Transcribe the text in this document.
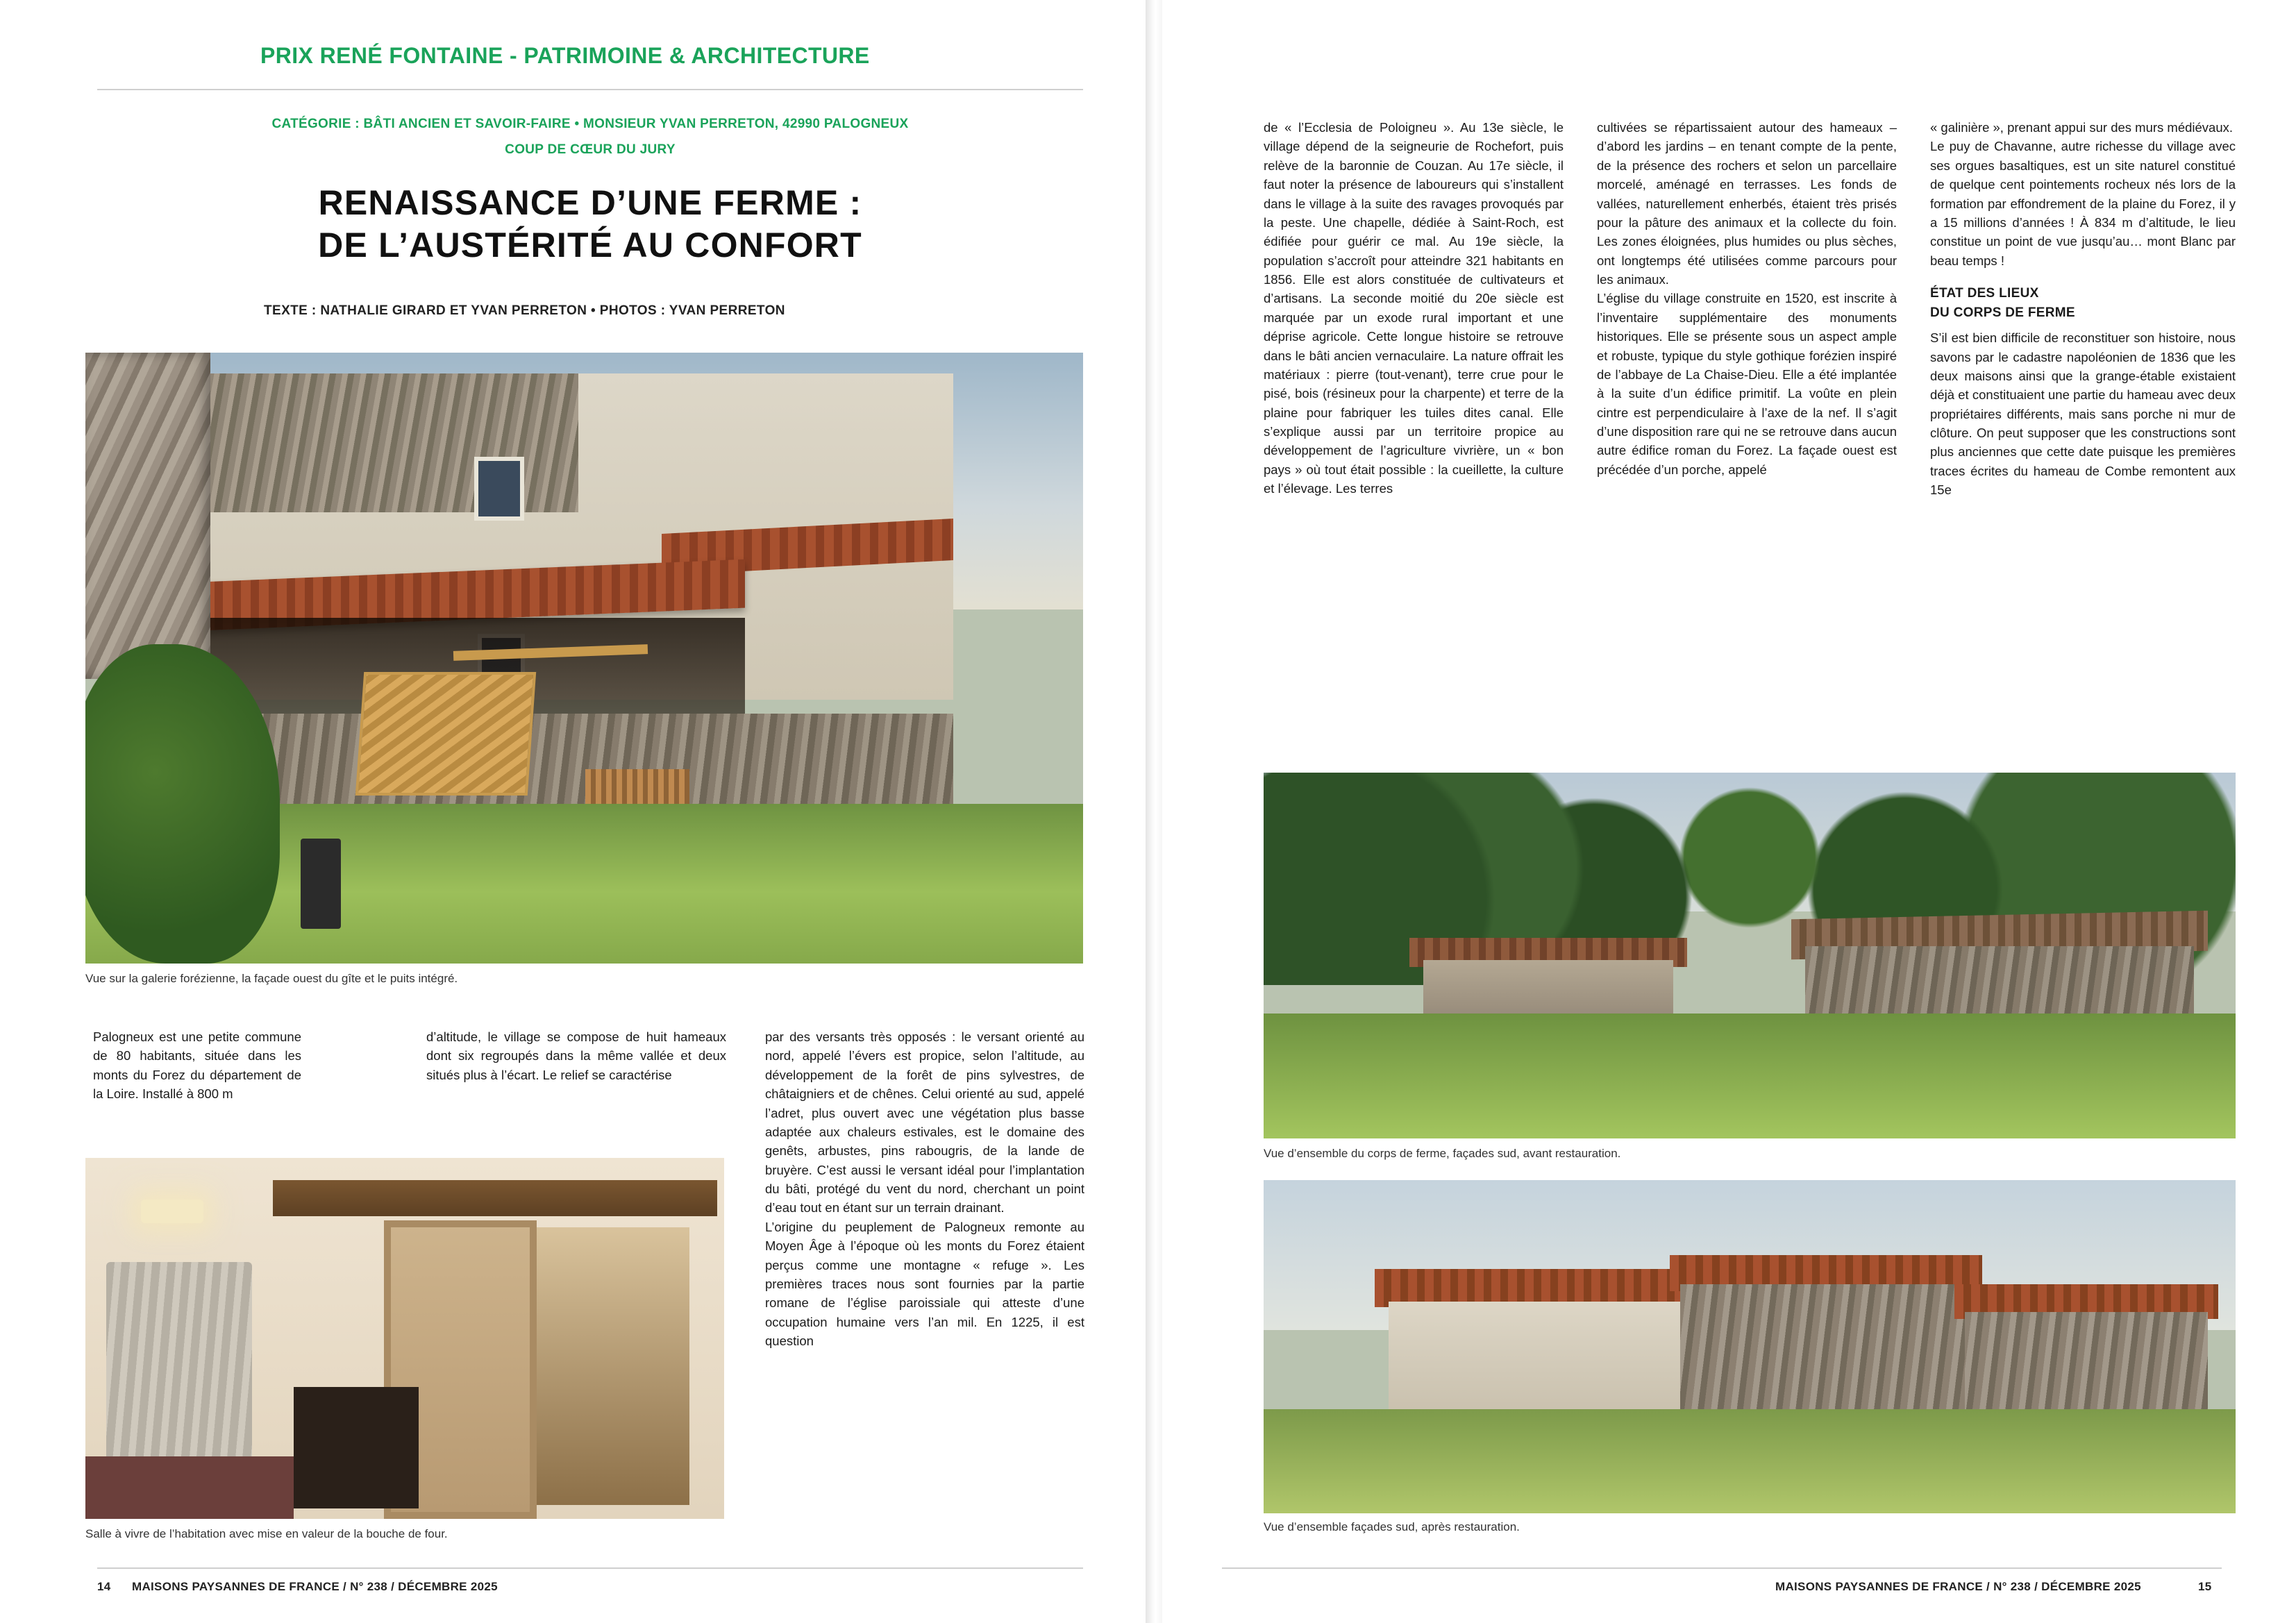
PRIX RENÉ FONTAINE - PATRIMOINE & ARCHITECTURE
CATÉGORIE : BÂTI ANCIEN ET SAVOIR-FAIRE • MONSIEUR YVAN PERRETON, 42990 PALOGNEUX
COUP DE CŒUR DU JURY
RENAISSANCE D’UNE FERME :
DE L’AUSTÉRITÉ AU CONFORT
TEXTE : NATHALIE GIRARD ET YVAN PERRETON • PHOTOS : YVAN PERRETON
Vue sur la galerie forézienne, la façade ouest du gîte et le puits intégré.
Salle à vivre de l’habitation avec mise en valeur de la bouche de four.

Palogneux est une petite commune de 80 habitants, située dans les monts du Forez du département de la Loire. Installé à 800 m

d’altitude, le village se compose de huit hameaux dont six regroupés dans la même vallée et deux situés plus à l’écart. Le relief se caractérise

par des versants très opposés : le versant orienté au nord, appelé l’évers est propice, selon l’altitude, au développement de la forêt de pins sylvestres, de châtaigniers et de chênes. Celui orienté au sud, appelé l’adret, plus ouvert avec une végétation plus basse adaptée aux chaleurs estivales, est le domaine des genêts, arbustes, pins rabougris, de la lande de bruyère. C’est aussi le versant idéal pour l’implantation du bâti, protégé du vent du nord, cherchant un point d’eau tout en étant sur un terrain drainant.

L’origine du peuplement de Palogneux remonte au Moyen Âge à l’époque où les monts du Forez étaient perçus comme une montagne « refuge ». Les premières traces nous sont fournies par la partie romane de l’église paroissiale qui atteste d’une occupation humaine vers l’an mil. En 1225, il est question

de « l’Ecclesia de Poloigneu ». Au 13e siècle, le village dépend de la seigneurie de Rochefort, puis relève de la baronnie de Couzan. Au 17e siècle, il faut noter la présence de laboureurs qui s’installent dans le village à la suite des ravages provoqués par la peste. Une chapelle, dédiée à Saint-Roch, est édifiée pour guérir ce mal. Au 19e siècle, la population s’accroît pour atteindre 321 habitants en 1856. Elle est alors constituée de cultivateurs et d’artisans. La seconde moitié du 20e siècle est marquée par un exode rural important et une déprise agricole. Cette longue histoire se retrouve dans le bâti ancien vernaculaire. La nature offrait les matériaux : pierre (tout-venant), terre crue pour le pisé, bois (résineux pour la charpente) et terre de la plaine pour fabriquer les tuiles dites canal. Elle s’explique aussi par un territoire propice au développement de l’agriculture vivrière, un « bon pays » où tout était possible : la cueillette, la culture et l’élevage. Les terres

cultivées se répartissaient autour des hameaux – d’abord les jardins – en tenant compte de la pente, de la présence des rochers et selon un parcellaire morcelé, aménagé en terrasses. Les fonds de vallées, naturellement enherbés, étaient très prisés pour la pâture des animaux et la collecte du foin. Les zones éloignées, plus humides ou plus sèches, ont longtemps été utilisées comme parcours pour les animaux.

L’église du village construite en 1520, est inscrite à l’inventaire supplémentaire des monuments historiques. Elle se présente sous un aspect ample et robuste, typique du style gothique forézien inspiré de l’abbaye de La Chaise-Dieu. Elle a été implantée à la suite d’un édifice primitif. La voûte en plein cintre est perpendiculaire à l’axe de la nef. Il s’agit d’une disposition rare qui ne se retrouve dans aucun autre édifice roman du Forez. La façade ouest est précédée d’un porche, appelé

« galinière », prenant appui sur des murs médiévaux.

Le puy de Chavanne, autre richesse du village avec ses orgues basaltiques, est un site naturel constitué de quelque cent pointements rocheux nés lors de la formation par effondrement de la plaine du Forez, il y a 15 millions d’années ! À 834 m d’altitude, le lieu constitue un point de vue jusqu’au… mont Blanc par beau temps !

ÉTAT DES LIEUX
DU CORPS DE FERME

S’il est bien difficile de reconstituer son histoire, nous savons par le cadastre napoléonien de 1836 que les deux maisons ainsi que la grange-étable existaient déjà et constituaient une partie du hameau avec deux propriétaires différents, mais sans porche ni mur de clôture. On peut supposer que les constructions sont plus anciennes que cette date puisque les premières traces écrites du hameau de Combe remontent aux 15e

Vue d’ensemble du corps de ferme, façades sud, avant restauration.
Vue d’ensemble façades sud, après restauration.
14 MAISONS PAYSANNES DE FRANCE / N° 238 / DÉCEMBRE 2025	MAISONS PAYSANNES DE FRANCE / N° 238 / DÉCEMBRE 2025	15
